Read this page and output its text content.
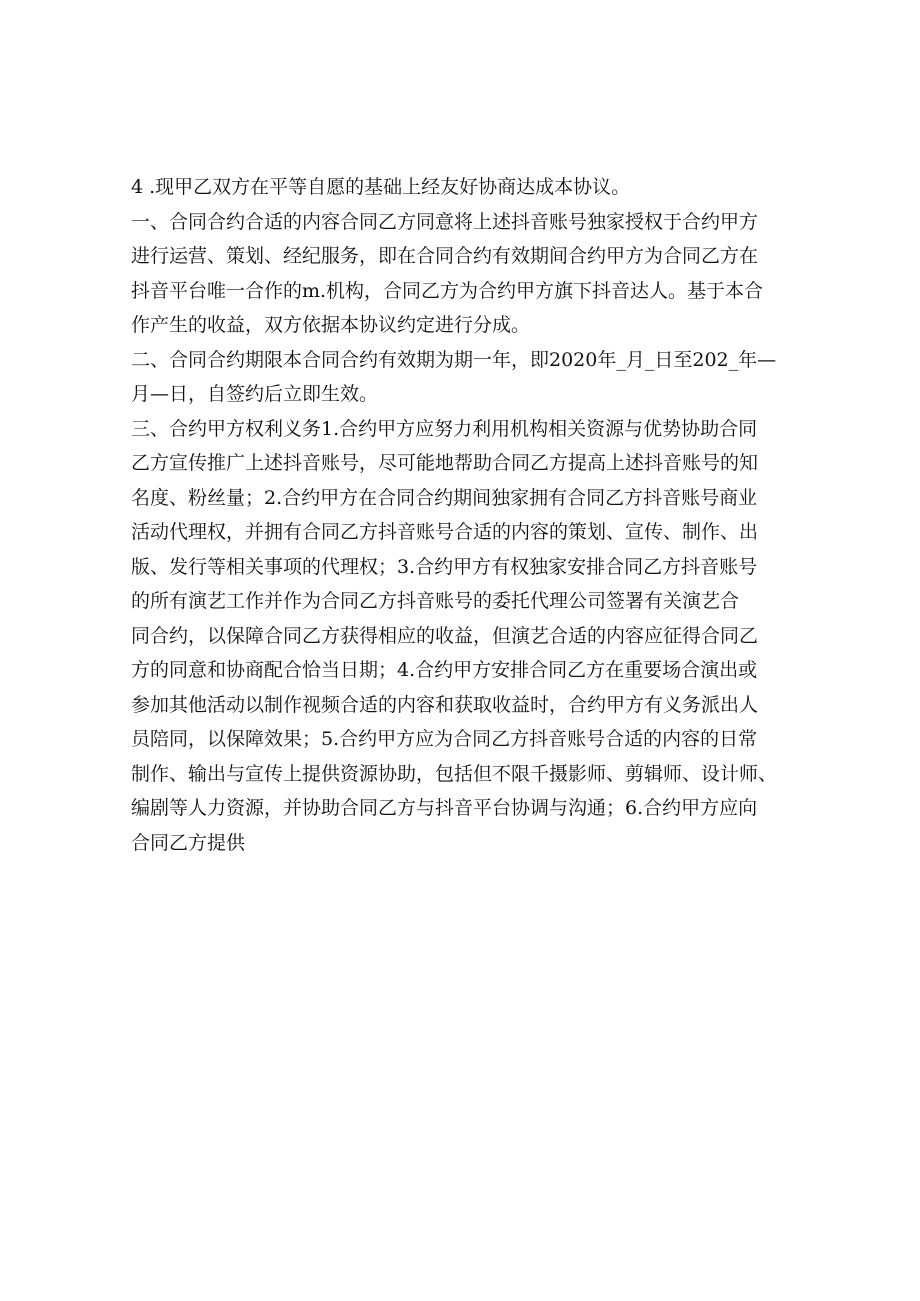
4 .现甲乙双方在平等自愿的基础上经友好协商达成本协议。
一、合同合约合适的内容合同乙方同意将上述抖音账号独家授权于合约甲方
进行运营、策划、经纪服务，即在合同合约有效期间合约甲方为合同乙方在
抖音平台唯一合作的m.机构，合同乙方为合约甲方旗下抖音达人。基于本合
作产生的收益，双方依据本协议约定进行分成。
二、合同合约期限本合同合约有效期为期一年，即2020年_月_日至202_年—
月—日，自签约后立即生效。
三、合约甲方权利义务1.合约甲方应努力利用机构相关资源与优势协助合同
乙方宣传推广上述抖音账号，尽可能地帮助合同乙方提高上述抖音账号的知
名度、粉丝量；2.合约甲方在合同合约期间独家拥有合同乙方抖音账号商业
活动代理权，并拥有合同乙方抖音账号合适的内容的策划、宣传、制作、出
版、发行等相关事项的代理权；3.合约甲方有权独家安排合同乙方抖音账号
的所有演艺工作并作为合同乙方抖音账号的委托代理公司签署有关演艺合
同合约，以保障合同乙方获得相应的收益，但演艺合适的内容应征得合同乙
方的同意和协商配合恰当日期；4.合约甲方安排合同乙方在重要场合演出或
参加其他活动以制作视频合适的内容和获取收益时，合约甲方有义务派出人
员陪同，以保障效果；5.合约甲方应为合同乙方抖音账号合适的内容的日常
制作、输出与宣传上提供资源协助，包括但不限千摄影师、剪辑师、设计师、
编剧等人力资源，并协助合同乙方与抖音平台协调与沟通；6.合约甲方应向
合同乙方提供
